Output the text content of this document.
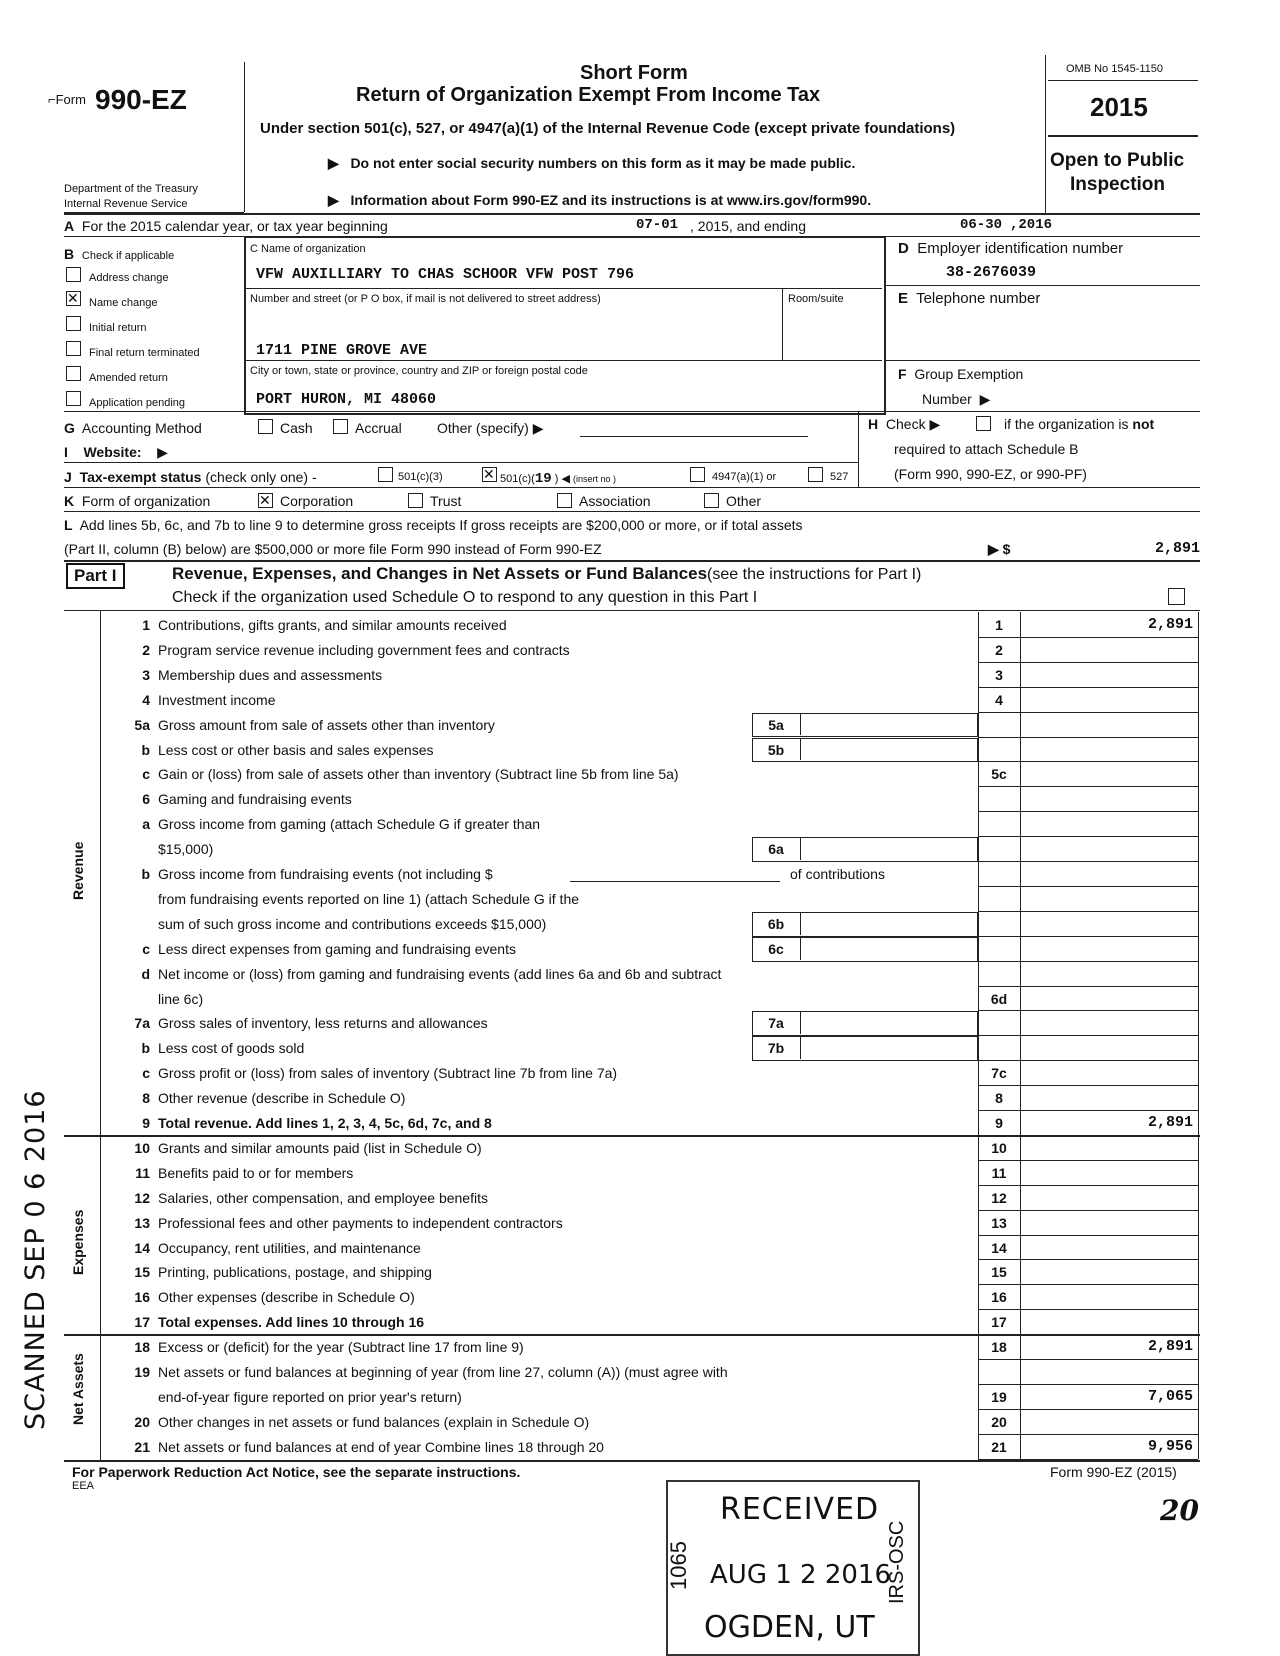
⌐Form 990-EZ
Department of the Treasury
Internal Revenue Service
Short Form
Return of Organization Exempt From Income Tax
Under section 501(c), 527, or 4947(a)(1) of the Internal Revenue Code (except private foundations)
▶   Do not enter social security numbers on this form as it may be made public.
▶   Information about Form 990-EZ and its instructions is at www.irs.gov/form990.
OMB No 1545-1150
2015
Open to Public
Inspection
A For the 2015 calendar year, or tax year beginning	07-01 , 2015, and ending	06-30 ,2016
B Check if applicable
Address change
✕
Name change
Initial return
Final return terminated
Amended return
Application pending
C Name of organization
VFW AUXILLIARY TO CHAS SCHOOR VFW POST 796
Number and street (or P O box, if mail is not delivered to street address)	Room/suite
1711 PINE GROVE AVE
City or town, state or province, country and ZIP or foreign postal code
PORT HURON, MI 48060
D Employer identification number
38-2676039
E Telephone number
F Group Exemption
Number  ▶
G Accounting Method	Cash	Accrual	Other (specify) ▶	H Check ▶	if the organization is not
required to attach Schedule B
(Form 990, 990-EZ, or 990-PF)
I Website:    ▶
J Tax-exempt status (check only one) -	501(c)(3) ✕	501(c)(19 ) ◀ (insert no )	4947(a)(1) or	527
K Form of organization ✕	Corporation	Trust	Association	Other
L Add lines 5b, 6c, and 7b to line 9 to determine gross receipts If gross receipts are $200,000 or more, or if total assets
(Part II, column (B) below) are $500,000 or more file Form 990 instead of Form 990-EZ	▶ $	2,891
Part I	Revenue, Expenses, and Changes in Net Assets or Fund Balances(see the instructions for Part I)
Check if the organization used Schedule O to respond to any question in this Part I
Revenue
Expenses
Net Assets
1 Contributions, gifts grants, and similar amounts received	1	2,891
2 Program service revenue including government fees and contracts	2
3 Membership dues and assessments	3
4 Investment income	4
5a Gross amount from sale of assets other than inventory	5a
b Less cost or other basis and sales expenses	5b
c Gain or (loss) from sale of assets other than inventory (Subtract line 5b from line 5a)	5c
6 Gaming and fundraising events
a Gross income from gaming (attach Schedule G if greater than
$15,000)	6a
b Gross income from fundraising events (not including $	of contributions
from fundraising events reported on line 1) (attach Schedule G if the
sum of such gross income and contributions exceeds $15,000)	6b
c Less direct expenses from gaming and fundraising events	6c
d Net income or (loss) from gaming and fundraising events (add lines 6a and 6b and subtract
line 6c)	6d
7a Gross sales of inventory, less returns and allowances	7a
b Less cost of goods sold	7b
c Gross profit or (loss) from sales of inventory (Subtract line 7b from line 7a)	7c
8 Other revenue (describe in Schedule O)	8
9 Total revenue. Add lines 1, 2, 3, 4, 5c, 6d, 7c, and 8	9	2,891
10 Grants and similar amounts paid (list in Schedule O)	10
11 Benefits paid to or for members	11
12 Salaries, other compensation, and employee benefits	12
13 Professional fees and other payments to independent contractors	13
14 Occupancy, rent utilities, and maintenance	14
15 Printing, publications, postage, and shipping	15
16 Other expenses (describe in Schedule O)	16
17 Total expenses. Add lines 10 through 16	17
18 Excess or (deficit) for the year (Subtract line 17 from line 9)	18	2,891
19 Net assets or fund balances at beginning of year (from line 27, column (A)) (must agree with
end-of-year figure reported on prior year's return)	19	7,065
20 Other changes in net assets or fund balances (explain in Schedule O)	20
21 Net assets or fund balances at end of year Combine lines 18 through 20	21	9,956
For Paperwork Reduction Act Notice, see the separate instructions.
EEA
Form 990-EZ (2015)
RECEIVED
AUG 1 2 2016
OGDEN, UT
1065	IRS-OSC
SCANNED SEP 0 6 2016
20
